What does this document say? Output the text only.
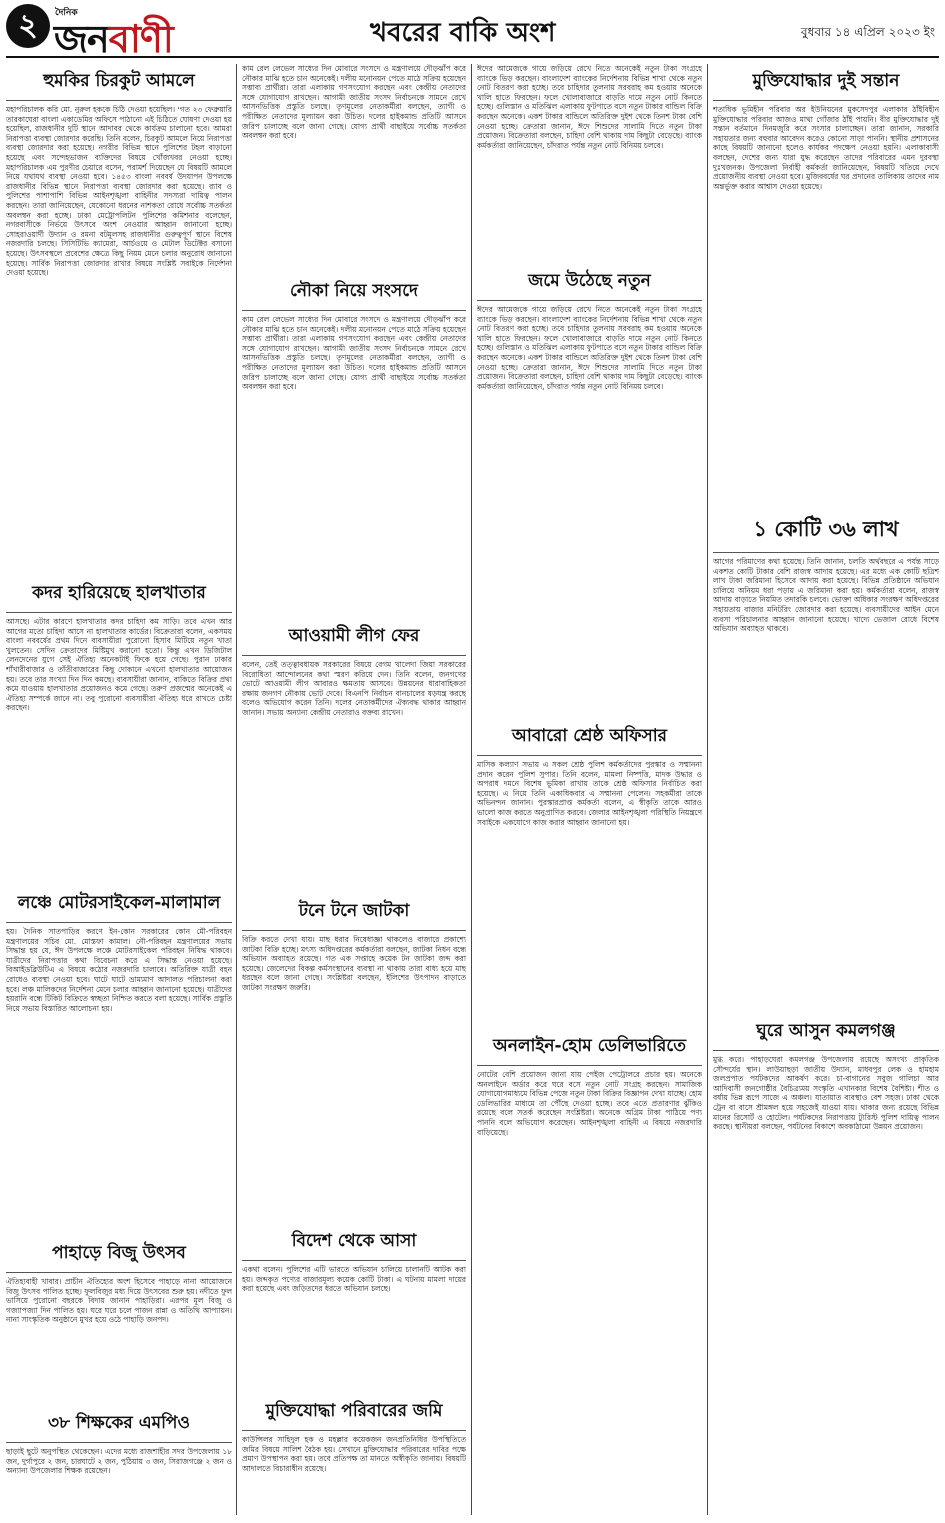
২	দৈনিক
জনবাণী	খবরের বাকি অংশ	বুধবার ১৪ এপ্রিল ২০২৩ ইং
হুমকির চিরকুট আমলে

মহাপরিচালক করি মো. নুরুল হককে চিঠি দেওয়া হয়েছিল। 'গত ২৩ ফেব্রুয়ারি তারকাঘেরা বাংলা একাডেমির অফিসে পাঠানো এই চিঠিতে ঘোষণা দেওয়া হয় হয়েছিল, রাজধানীর দুটি স্থানে আদাবর থেকে কার্যক্রম চালানো হবে। আমরা নিরাপত্তা ব্যবস্থা জোরদার করেছি। তিনি বলেন, চিরকুট আমলে নিয়ে নিরাপত্তা ব্যবস্থা জোরদার করা হয়েছে। নগরীর বিভিন্ন স্থানে পুলিশের টহল বাড়ানো হয়েছে এবং সন্দেহভাজন ব্যক্তিদের বিষয়ে খোঁজখবর নেওয়া হচ্ছে। মহাপরিচালক এম পুরণীর চেয়ারে বসেন, পরামর্শ দিয়েছেন যে বিষয়টি আমলে নিয়ে যথাযথ ব্যবস্থা নেওয়া হবে। ১৪৫৩ বাংলা নববর্ষ উদযাপন উপলক্ষে রাজধানীর বিভিন্ন স্থানে নিরাপত্তা ব্যবস্থা জোরদার করা হয়েছে। র‌্যাব ও পুলিশের পাশাপাশি বিভিন্ন আইনশৃঙ্খলা বাহিনীর সদস্যরা দায়িত্ব পালন করছেন। তারা জানিয়েছেন, যেকোনো ধরনের নাশকতা রোধে সর্বোচ্চ সতর্কতা অবলম্বন করা হচ্ছে। ঢাকা মেট্রোপলিটন পুলিশের কমিশনার বলেছেন, নগরবাসীকে নির্ভয়ে উৎসবে অংশ নেওয়ার আহ্বান জানানো হচ্ছে। সোহরাওয়ার্দী উদ্যান ও রমনা বটমূলসহ রাজধানীর গুরুত্বপূর্ণ স্থানে বিশেষ নজরদারি চলছে। সিসিটিভি ক্যামেরা, আর্চওয়ে ও মেটাল ডিটেক্টর বসানো হয়েছে। উৎসবস্থলে প্রবেশের ক্ষেত্রে কিছু নিয়ম মেনে চলার অনুরোধ জানানো হয়েছে। সার্বিক নিরাপত্তা জোরদার রাখার বিষয়ে সংশ্লিষ্ট সবাইকে নির্দেশনা দেওয়া হয়েছে।

কদর হারিয়েছে হালখাতার

আসছে। এটার কারণে হালখাতার কদর চাহিদা কম সাড়ি। তবে এখন আর আগের মতো চাহিদা আসে না হালখাতার কার্ডের। বিক্রেতারা বলেন, একসময় বাংলা নববর্ষের প্রথম দিনে ব্যবসায়ীরা পুরোনো হিসাব মিটিয়ে নতুন খাতা খুলতেন। সেদিন ক্রেতাদের মিষ্টিমুখ করানো হতো। কিন্তু এখন ডিজিটাল লেনদেনের যুগে সেই ঐতিহ্য অনেকটাই ফিকে হয়ে গেছে। পুরান ঢাকার শাঁখারীবাজার ও তাঁতীবাজারের কিছু দোকানে এখনো হালখাতার আয়োজন হয়। তবে তার সংখ্যা দিন দিন কমছে। ব্যবসায়ীরা জানান, বাকিতে বিক্রির প্রথা কমে যাওয়ায় হালখাতার প্রয়োজনও কমে গেছে। তরুণ প্রজন্মের অনেকেই এ ঐতিহ্য সম্পর্কে জানে না। তবু পুরোনো ব্যবসায়ীরা ঐতিহ্য ধরে রাখতে চেষ্টা করছেন।

লঞ্চে মোটরসাইকেল-মালামাল

হয়। দৈনিক সাতপাড়ির করণে ইন-কোন সরকারের কোন মৌ-পরিবহন মন্ত্রণালয়ের সচিব মো. মোস্তফা কামাল। নৌ-পরিবহন মন্ত্রণালয়ের সভায় সিদ্ধান্ত হয় যে, ঈদ উপলক্ষে লঞ্চে মোটরসাইকেল পরিবহন নিষিদ্ধ থাকবে। যাত্রীদের নিরাপত্তার কথা বিবেচনা করে এ সিদ্ধান্ত নেওয়া হয়েছে। বিআইডব্লিউটিএ এ বিষয়ে কঠোর নজরদারি চালাবে। অতিরিক্ত যাত্রী বহন রোধেও ব্যবস্থা নেওয়া হবে। ঘাটে ঘাটে ভ্রাম্যমাণ আদালত পরিচালনা করা হবে। লঞ্চ মালিকদের নির্দেশনা মেনে চলার আহ্বান জানানো হয়েছে। যাত্রীদের হয়রানি বন্ধে টিকিট বিক্রিতে স্বচ্ছতা নিশ্চিত করতে বলা হয়েছে। সার্বিক প্রস্তুতি নিয়ে সভায় বিস্তারিত আলোচনা হয়।

পাহাড়ে বিজু উৎসব

ঐতিহ্যবাহী খাবার। প্রাচীন ঐতিহ্যের অংশ হিসেবে পাহাড়ে নানা আয়োজনে বিজু উৎসব পালিত হচ্ছে। ফুলবিজুর মধ্য দিয়ে উৎসবের শুরু হয়। নদীতে ফুল ভাসিয়ে পুরোনো বছরকে বিদায় জানান পাহাড়িরা। এরপর মূল বিজু ও গজ্যাপজ্যা দিন পালিত হয়। ঘরে ঘরে চলে পাজন রান্না ও অতিথি আপ্যায়ন। নানা সাংস্কৃতিক অনুষ্ঠানে মুখর হয়ে ওঠে পাহাড়ি জনপদ।

৩৮ শিক্ষকের এমপিও

ছাড়াই ছুটে অনুপস্থিত থেকেছেন। এদের মধ্যে রাজশাহীর সদর উপজেলায় ১৮ জন, দুর্গাপুরে ২ জন, চারঘাটে ২ জন, পুঠিয়ায় ৩ জন, সিরাজগঞ্জে ২ জন ও অন্যান্য উপজেলার শিক্ষক রয়েছেন।

কাম রেল লেভেল সাধ্যের দিন মোবারে সংসদে ও মন্ত্রণালয়ে দৌড়ঝাঁপ করে নৌকার মাঝি হতে চান অনেকেই। দলীয় মনোনয়ন পেতে মাঠে সক্রিয় হয়েছেন সম্ভাব্য প্রার্থীরা। তারা এলাকায় গণসংযোগ করছেন এবং কেন্দ্রীয় নেতাদের সঙ্গে যোগাযোগ রাখছেন। আগামী জাতীয় সংসদ নির্বাচনকে সামনে রেখে আসনভিত্তিক প্রস্তুতি চলছে। তৃণমূলের নেতাকর্মীরা বলছেন, ত্যাগী ও পরীক্ষিত নেতাদের মূল্যায়ন করা উচিত। দলের হাইকমান্ড প্রতিটি আসনে জরিপ চালাচ্ছে বলে জানা গেছে। যোগ্য প্রার্থী বাছাইয়ে সর্বোচ্চ সতর্কতা অবলম্বন করা হবে।

নৌকা নিয়ে সংসদে

কাম রেল লেভেল সাধ্যের দিন মোবারে সংসদে ও মন্ত্রণালয়ে দৌড়ঝাঁপ করে নৌকার মাঝি হতে চান অনেকেই। দলীয় মনোনয়ন পেতে মাঠে সক্রিয় হয়েছেন সম্ভাব্য প্রার্থীরা। তারা এলাকায় গণসংযোগ করছেন এবং কেন্দ্রীয় নেতাদের সঙ্গে যোগাযোগ রাখছেন। আগামী জাতীয় সংসদ নির্বাচনকে সামনে রেখে আসনভিত্তিক প্রস্তুতি চলছে। তৃণমূলের নেতাকর্মীরা বলছেন, ত্যাগী ও পরীক্ষিত নেতাদের মূল্যায়ন করা উচিত। দলের হাইকমান্ড প্রতিটি আসনে জরিপ চালাচ্ছে বলে জানা গেছে। যোগ্য প্রার্থী বাছাইয়ে সর্বোচ্চ সতর্কতা অবলম্বন করা হবে।

আওয়ামী লীগ ফের

বলেন, তেই তত্ত্বাবধায়ক সরকারের বিষয়ে বেগম খালেদা জিয়া সরকারের বিরোধিতা আন্দোলনের কথা স্মরণ করিয়ে দেন। তিনি বলেন, জনগণের ভোটে আওয়ামী লীগ আবারও ক্ষমতায় আসবে। উন্নয়নের ধারাবাহিকতা রক্ষায় জনগণ নৌকায় ভোট দেবে। বিএনপি নির্বাচন বানচালের ষড়যন্ত্র করছে বলেও অভিযোগ করেন তিনি। দলের নেতাকর্মীদের ঐক্যবদ্ধ থাকার আহ্বান জানান। সভায় অন্যান্য কেন্দ্রীয় নেতারাও বক্তব্য রাখেন।

টনে টনে জাটকা

বিক্রি করতে দেখা যায়। মাছ ধরার নিষেধাজ্ঞা থাকলেও বাজারে প্রকাশ্যে জাটকা বিক্রি হচ্ছে। মৎস্য অধিদপ্তরের কর্মকর্তারা বলছেন, জাটকা নিধন বন্ধে অভিযান অব্যাহত রয়েছে। গত এক সপ্তাহে কয়েক টন জাটকা জব্দ করা হয়েছে। জেলেদের বিকল্প কর্মসংস্থানের ব্যবস্থা না থাকায় তারা বাধ্য হয়ে মাছ ধরছেন বলে জানা গেছে। সংশ্লিষ্টরা বলছেন, ইলিশের উৎপাদন বাড়াতে জাটকা সংরক্ষণ জরুরি।

বিদেশ থেকে আসা

একথা বলেন। পুলিশের এটি ভারতে অভিযান চালিয়ে চালানটি আটক করা হয়। জব্দকৃত পণ্যের বাজারমূল্য কয়েক কোটি টাকা। এ ঘটনায় মামলা দায়ের করা হয়েছে এবং জড়িতদের ধরতে অভিযান চলছে।

মুক্তিযোদ্ধা পরিবারের জমি

কাউন্সিলর সাহিদুল হক ও মহল্লার কয়েকজন জনপ্রতিনিধির উপস্থিতিতে জমির বিষয়ে সালিশ বৈঠক হয়। সেখানে মুক্তিযোদ্ধার পরিবারের দাবির পক্ষে প্রমাণ উপস্থাপন করা হয়। তবে প্রতিপক্ষ তা মানতে অস্বীকৃতি জানায়। বিষয়টি আদালতে বিচারাধীন রয়েছে।

ঈদের আমেজকে গায়ে জড়িয়ে রেখে নিতে অনেকেই নতুন টাকা সংগ্রহে ব্যাংকে ভিড় করছেন। বাংলাদেশ ব্যাংকের নির্দেশনায় বিভিন্ন শাখা থেকে নতুন নোট বিতরণ করা হচ্ছে। তবে চাহিদার তুলনায় সরবরাহ কম হওয়ায় অনেকে খালি হাতে ফিরছেন। ফলে খোলাবাজারে বাড়তি দামে নতুন নোট কিনতে হচ্ছে। গুলিস্তান ও মতিঝিল এলাকায় ফুটপাতে বসে নতুন টাকার বান্ডিল বিক্রি করছেন অনেকে। একশ টাকার বান্ডিলে অতিরিক্ত দুইশ থেকে তিনশ টাকা বেশি নেওয়া হচ্ছে। ক্রেতারা জানান, ঈদে শিশুদের সালামি দিতে নতুন টাকা প্রয়োজন। বিক্রেতারা বলছেন, চাহিদা বেশি থাকায় দাম কিছুটা বেড়েছে। ব্যাংক কর্মকর্তারা জানিয়েছেন, চাঁদরাত পর্যন্ত নতুন নোট বিনিময় চলবে।

জমে উঠেছে নতুন

ঈদের আমেজকে গায়ে জড়িয়ে রেখে নিতে অনেকেই নতুন টাকা সংগ্রহে ব্যাংকে ভিড় করছেন। বাংলাদেশ ব্যাংকের নির্দেশনায় বিভিন্ন শাখা থেকে নতুন নোট বিতরণ করা হচ্ছে। তবে চাহিদার তুলনায় সরবরাহ কম হওয়ায় অনেকে খালি হাতে ফিরছেন। ফলে খোলাবাজারে বাড়তি দামে নতুন নোট কিনতে হচ্ছে। গুলিস্তান ও মতিঝিল এলাকায় ফুটপাতে বসে নতুন টাকার বান্ডিল বিক্রি করছেন অনেকে। একশ টাকার বান্ডিলে অতিরিক্ত দুইশ থেকে তিনশ টাকা বেশি নেওয়া হচ্ছে। ক্রেতারা জানান, ঈদে শিশুদের সালামি দিতে নতুন টাকা প্রয়োজন। বিক্রেতারা বলছেন, চাহিদা বেশি থাকায় দাম কিছুটা বেড়েছে। ব্যাংক কর্মকর্তারা জানিয়েছেন, চাঁদরাত পর্যন্ত নতুন নোট বিনিময় চলবে।

আবারো শ্রেষ্ঠ অফিসার

মাসিক কল্যাণ সভায় এ সকল শ্রেষ্ঠ পুলিশ কর্মকর্তাদের পুরস্কার ও সম্মাননা প্রদান করেন পুলিশ সুপার। তিনি বলেন, মামলা নিষ্পত্তি, মাদক উদ্ধার ও অপরাধ দমনে বিশেষ ভূমিকা রাখায় তাকে শ্রেষ্ঠ অফিসার নির্বাচিত করা হয়েছে। এ নিয়ে তিনি একাধিকবার এ সম্মাননা পেলেন। সহকর্মীরা তাকে অভিনন্দন জানান। পুরস্কারপ্রাপ্ত কর্মকর্তা বলেন, এ স্বীকৃতি তাকে আরও ভালো কাজ করতে অনুপ্রাণিত করবে। জেলার আইনশৃঙ্খলা পরিস্থিতি নিয়ন্ত্রণে সবাইকে একযোগে কাজ করার আহ্বান জানানো হয়।

অনলাইন-হোম ডেলিভারিতে

নোটের বেশি প্রয়োজন জানা যায় পেইজ পেট্রোলরে প্রচার হয়। অনেকে অনলাইনে অর্ডার করে ঘরে বসে নতুন নোট সংগ্রহ করছেন। সামাজিক যোগাযোগমাধ্যমে বিভিন্ন পেজে নতুন টাকা বিক্রির বিজ্ঞাপন দেখা যাচ্ছে। হোম ডেলিভারির মাধ্যমে তা পৌঁছে দেওয়া হচ্ছে। তবে এতে প্রতারণার ঝুঁকিও রয়েছে বলে সতর্ক করেছেন সংশ্লিষ্টরা। অনেকে অগ্রিম টাকা পাঠিয়ে পণ্য পাননি বলে অভিযোগ করেছেন। আইনশৃঙ্খলা বাহিনী এ বিষয়ে নজরদারি বাড়িয়েছে।

মুক্তিযোদ্ধার দুই সন্তান

শতাধিক ভূমিহীন পরিবার অর ইউনিয়নের মুকসেদপুর এলাকার ঠাঁইবিহীন মুক্তিযোদ্ধার পরিবার আজও মাথা গোঁজার ঠাঁই পায়নি। বীর মুক্তিযোদ্ধার দুই সন্তান বর্তমানে দিনমজুরি করে সংসার চালাচ্ছেন। তারা জানান, সরকারি সহায়তার জন্য বহুবার আবেদন করেও কোনো সাড়া পাননি। স্থানীয় প্রশাসনের কাছে বিষয়টি জানানো হলেও কার্যকর পদক্ষেপ নেওয়া হয়নি। এলাকাবাসী বলছেন, দেশের জন্য যারা যুদ্ধ করেছেন তাদের পরিবারের এমন দুরবস্থা দুঃখজনক। উপজেলা নির্বাহী কর্মকর্তা জানিয়েছেন, বিষয়টি খতিয়ে দেখে প্রয়োজনীয় ব্যবস্থা নেওয়া হবে। মুজিববর্ষের ঘর প্রদানের তালিকায় তাদের নাম অন্তর্ভুক্ত করার আশ্বাস দেওয়া হয়েছে।

১ কোটি ৩৬ লাখ

আগের পরিমাণের কথা হয়েছে। তিনি জানান, চলতি অর্থবছরে এ পর্যন্ত সাড়ে একশত কোটি টাকার বেশি রাজস্ব আদায় হয়েছে। এর মধ্যে এক কোটি ছত্রিশ লাখ টাকা জরিমানা হিসেবে আদায় করা হয়েছে। বিভিন্ন প্রতিষ্ঠানে অভিযান চালিয়ে অনিয়ম ধরা পড়ায় এ জরিমানা করা হয়। কর্মকর্তারা বলেন, রাজস্ব আদায় বাড়াতে নিয়মিত তদারকি চলবে। ভোক্তা অধিকার সংরক্ষণ অধিদপ্তরের সহায়তায় বাজার মনিটরিং জোরদার করা হয়েছে। ব্যবসায়ীদের আইন মেনে ব্যবসা পরিচালনার আহ্বান জানানো হয়েছে। খাদ্যে ভেজাল রোধে বিশেষ অভিযান অব্যাহত থাকবে।

ঘুরে আসুন কমলগঞ্জ

মুগ্ধ করে। পাহাড়ঘেরা কমলগঞ্জ উপজেলায় রয়েছে অসংখ্য প্রাকৃতিক সৌন্দর্যের স্থান। লাউয়াছড়া জাতীয় উদ্যান, মাধবপুর লেক ও হামহাম জলপ্রপাত পর্যটকদের আকর্ষণ করে। চা-বাগানের সবুজ গালিচা আর আদিবাসী জনগোষ্ঠীর বৈচিত্র্যময় সংস্কৃতি এখানকার বিশেষ বৈশিষ্ট্য। শীত ও বর্ষায় ভিন্ন রূপে সাজে এ অঞ্চল। যাতায়াত ব্যবস্থাও বেশ সহজ। ঢাকা থেকে ট্রেন বা বাসে শ্রীমঙ্গল হয়ে সহজেই যাওয়া যায়। থাকার জন্য রয়েছে বিভিন্ন মানের রিসোর্ট ও হোটেল। পর্যটকদের নিরাপত্তায় ট্যুরিস্ট পুলিশ দায়িত্ব পালন করছে। স্থানীয়রা বলছেন, পর্যটনের বিকাশে অবকাঠামো উন্নয়ন প্রয়োজন।
